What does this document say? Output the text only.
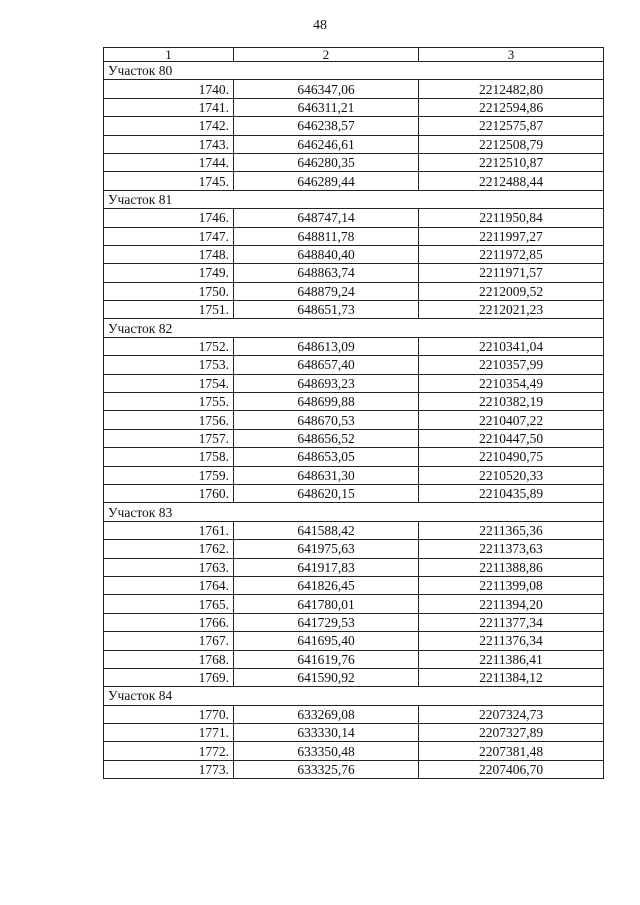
48
1	2	3
Участок 80		
1740.	646347,06	2212482,80
1741.	646311,21	2212594,86
1742.	646238,57	2212575,87
1743.	646246,61	2212508,79
1744.	646280,35	2212510,87
1745.	646289,44	2212488,44
Участок 81		
1746.	648747,14	2211950,84
1747.	648811,78	2211997,27
1748.	648840,40	2211972,85
1749.	648863,74	2211971,57
1750.	648879,24	2212009,52
1751.	648651,73	2212021,23
Участок 82		
1752.	648613,09	2210341,04
1753.	648657,40	2210357,99
1754.	648693,23	2210354,49
1755.	648699,88	2210382,19
1756.	648670,53	2210407,22
1757.	648656,52	2210447,50
1758.	648653,05	2210490,75
1759.	648631,30	2210520,33
1760.	648620,15	2210435,89
Участок 83		
1761.	641588,42	2211365,36
1762.	641975,63	2211373,63
1763.	641917,83	2211388,86
1764.	641826,45	2211399,08
1765.	641780,01	2211394,20
1766.	641729,53	2211377,34
1767.	641695,40	2211376,34
1768.	641619,76	2211386,41
1769.	641590,92	2211384,12
Участок 84		
1770.	633269,08	2207324,73
1771.	633330,14	2207327,89
1772.	633350,48	2207381,48
1773.	633325,76	2207406,70
